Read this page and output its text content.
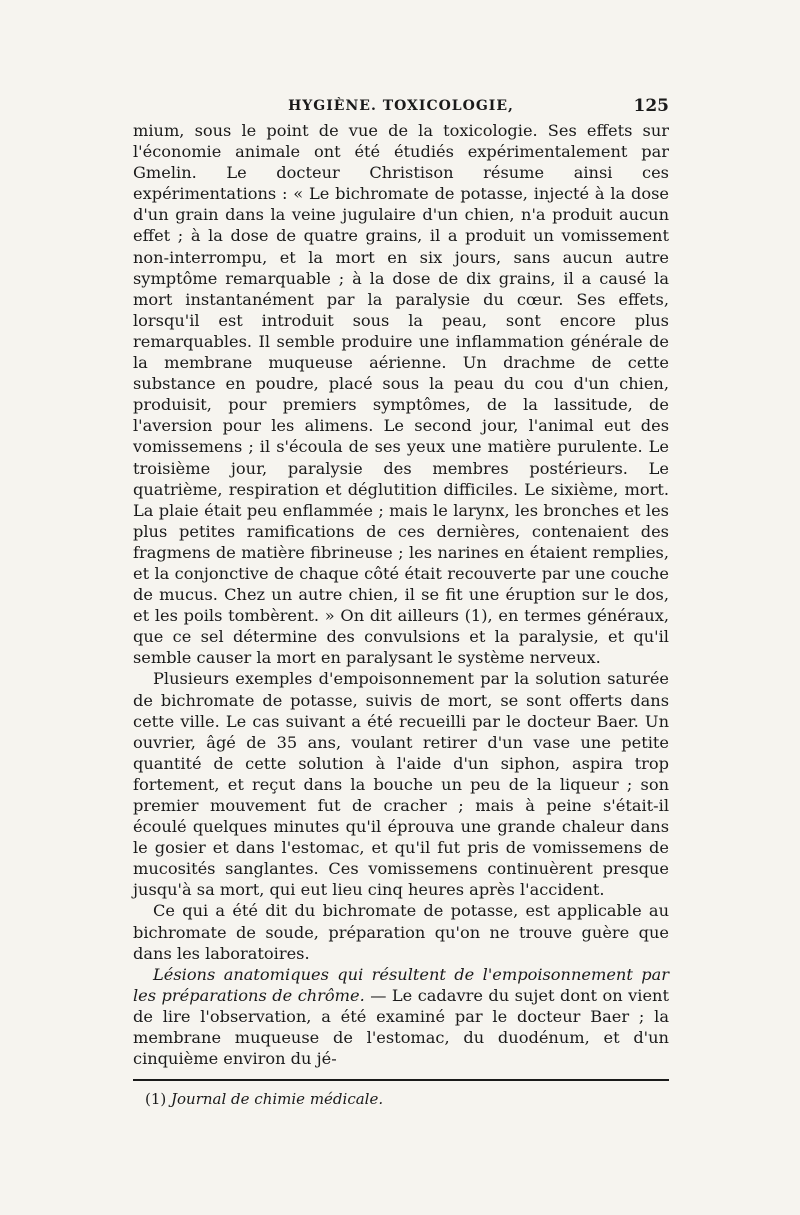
HYGIÈNE. TOXICOLOGIE,	125

mium, sous le point de vue de la toxicologie. Ses effets sur l'économie animale ont été étudiés expérimentalement par Gmelin. Le docteur Christison résume ainsi ces expérimentations : « Le bichromate de potasse, injecté à la dose d'un grain dans la veine jugulaire d'un chien, n'a produit aucun effet ; à la dose de quatre grains, il a produit un vomissement non-interrompu, et la mort en six jours, sans aucun autre symptôme remarquable ; à la dose de dix grains, il a causé la mort instantanément par la paralysie du cœur. Ses effets, lorsqu'il est introduit sous la peau, sont encore plus remarquables. Il semble produire une inflammation générale de la membrane muqueuse aérienne. Un drachme de cette substance en poudre, placé sous la peau du cou d'un chien, produisit, pour premiers symptômes, de la lassitude, de l'aversion pour les alimens. Le second jour, l'animal eut des vomissemens ; il s'écoula de ses yeux une matière purulente. Le troisième jour, paralysie des membres postérieurs. Le quatrième, respiration et déglutition difficiles. Le sixième, mort. La plaie était peu enflammée ; mais le larynx, les bronches et les plus petites ramifications de ces dernières, contenaient des fragmens de matière fibrineuse ; les narines en étaient remplies, et la conjonctive de chaque côté était recouverte par une couche de mucus. Chez un autre chien, il se fit une éruption sur le dos, et les poils tombèrent. » On dit ailleurs (1), en termes généraux, que ce sel détermine des convulsions et la paralysie, et qu'il semble causer la mort en paralysant le système nerveux.

Plusieurs exemples d'empoisonnement par la solution saturée de bichromate de potasse, suivis de mort, se sont offerts dans cette ville. Le cas suivant a été recueilli par le docteur Baer. Un ouvrier, âgé de 35 ans, voulant retirer d'un vase une petite quantité de cette solution à l'aide d'un siphon, aspira trop fortement, et reçut dans la bouche un peu de la liqueur ; son premier mouvement fut de cracher ; mais à peine s'était-il écoulé quelques minutes qu'il éprouva une grande chaleur dans le gosier et dans l'estomac, et qu'il fut pris de vomissemens de mucosités sanglantes. Ces vomissemens continuèrent presque jusqu'à sa mort, qui eut lieu cinq heures après l'accident.

Ce qui a été dit du bichromate de potasse, est applicable au bichromate de soude, préparation qu'on ne trouve guère que dans les laboratoires.

Lésions anatomiques qui résultent de l'empoisonnement par les préparations de chrôme. — Le cadavre du sujet dont on vient de lire l'observation, a été examiné par le docteur Baer ; la membrane muqueuse de l'estomac, du duodénum, et d'un cinquième environ du jé-

(1) Journal de chimie médicale.
